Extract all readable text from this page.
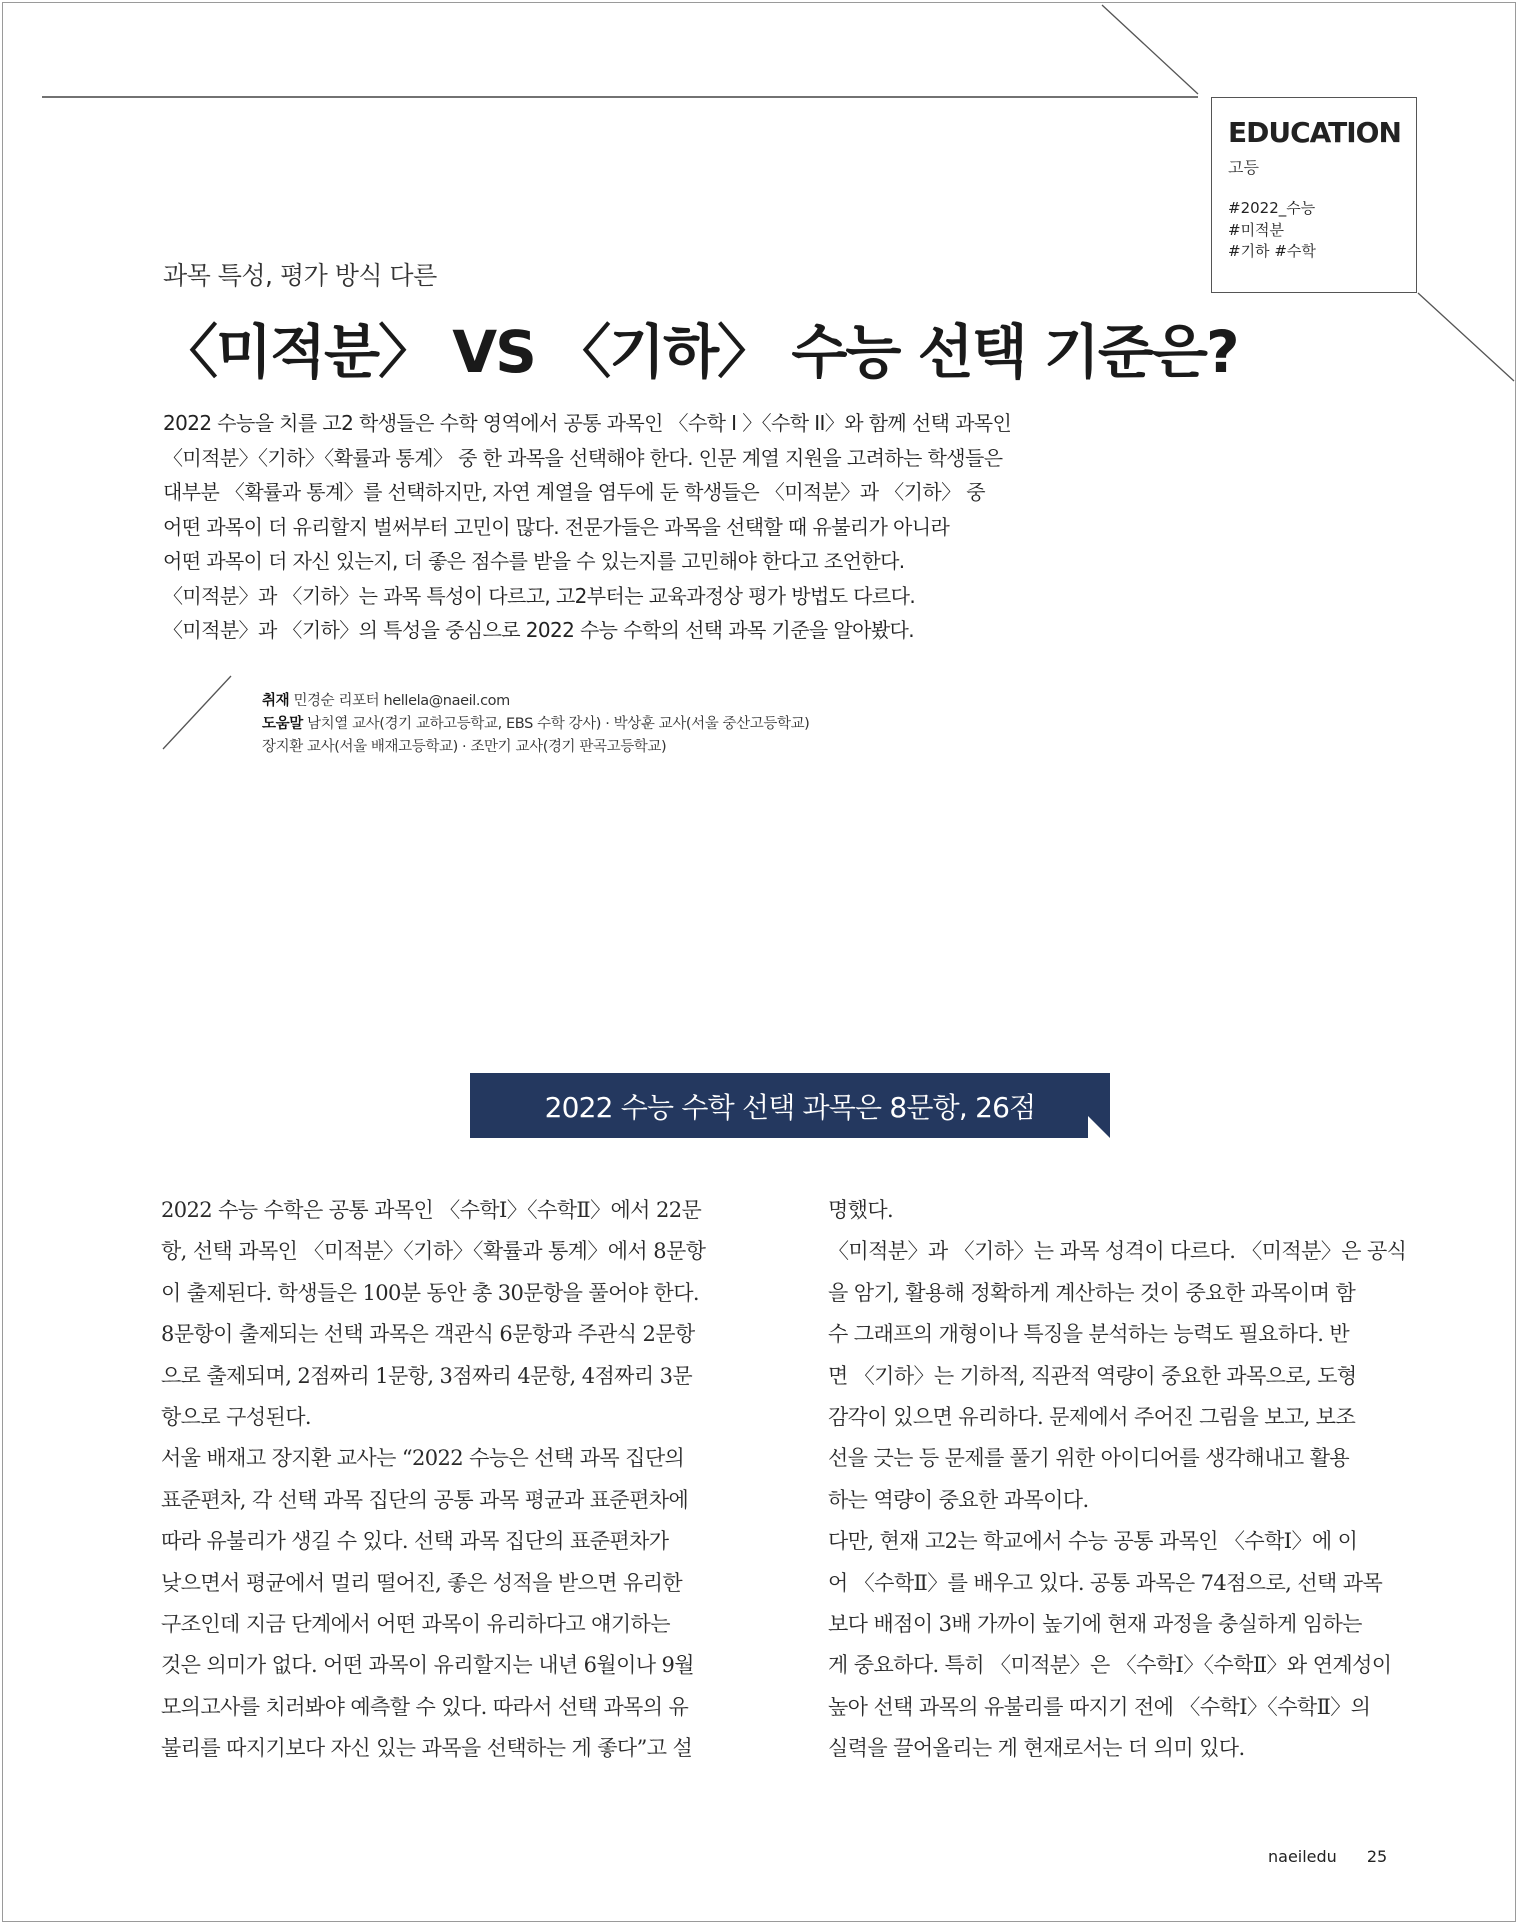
EDUCATION
고등
#2022_수능
#미적분
#기하 #수학
과목 특성, 평가 방식 다른
〈미적분〉 VS 〈기하〉 수능 선택 기준은?

2022 수능을 치를 고2 학생들은 수학 영역에서 공통 과목인 〈수학 I 〉〈수학 II〉와 함께 선택 과목인

〈미적분〉〈기하〉〈확률과 통계〉 중 한 과목을 선택해야 한다. 인문 계열 지원을 고려하는 학생들은

대부분 〈확률과 통계〉를 선택하지만, 자연 계열을 염두에 둔 학생들은 〈미적분〉과 〈기하〉 중

어떤 과목이 더 유리할지 벌써부터 고민이 많다. 전문가들은 과목을 선택할 때 유불리가 아니라

어떤 과목이 더 자신 있는지, 더 좋은 점수를 받을 수 있는지를 고민해야 한다고 조언한다.

〈미적분〉과 〈기하〉는 과목 특성이 다르고, 고2부터는 교육과정상 평가 방법도 다르다.

〈미적분〉과 〈기하〉의 특성을 중심으로 2022 수능 수학의 선택 과목 기준을 알아봤다.

취재 민경순 리포터 hellela@naeil.com

도움말 남치열 교사(경기 교하고등학교, EBS 수학 강사) · 박상훈 교사(서울 중산고등학교)

장지환 교사(서울 배재고등학교) · 조만기 교사(경기 판곡고등학교)

2022 수능 수학 선택 과목은 8문항, 26점

2022 수능 수학은 공통 과목인 〈수학Ⅰ〉〈수학Ⅱ〉에서 22문

항, 선택 과목인 〈미적분〉〈기하〉〈확률과 통계〉에서 8문항

이 출제된다. 학생들은 100분 동안 총 30문항을 풀어야 한다.

8문항이 출제되는 선택 과목은 객관식 6문항과 주관식 2문항

으로 출제되며, 2점짜리 1문항, 3점짜리 4문항, 4점짜리 3문

항으로 구성된다.

서울 배재고 장지환 교사는 “2022 수능은 선택 과목 집단의

표준편차, 각 선택 과목 집단의 공통 과목 평균과 표준편차에

따라 유불리가 생길 수 있다. 선택 과목 집단의 표준편차가

낮으면서 평균에서 멀리 떨어진, 좋은 성적을 받으면 유리한

구조인데 지금 단계에서 어떤 과목이 유리하다고 얘기하는

것은 의미가 없다. 어떤 과목이 유리할지는 내년 6월이나 9월

모의고사를 치러봐야 예측할 수 있다. 따라서 선택 과목의 유

불리를 따지기보다 자신 있는 과목을 선택하는 게 좋다”고 설

명했다.

〈미적분〉과 〈기하〉는 과목 성격이 다르다. 〈미적분〉은 공식

을 암기, 활용해 정확하게 계산하는 것이 중요한 과목이며 함

수 그래프의 개형이나 특징을 분석하는 능력도 필요하다. 반

면 〈기하〉는 기하적, 직관적 역량이 중요한 과목으로, 도형

감각이 있으면 유리하다. 문제에서 주어진 그림을 보고, 보조

선을 긋는 등 문제를 풀기 위한 아이디어를 생각해내고 활용

하는 역량이 중요한 과목이다.

다만, 현재 고2는 학교에서 수능 공통 과목인 〈수학Ⅰ〉에 이

어 〈수학Ⅱ〉를 배우고 있다. 공통 과목은 74점으로, 선택 과목

보다 배점이 3배 가까이 높기에 현재 과정을 충실하게 임하는

게 중요하다. 특히 〈미적분〉은 〈수학Ⅰ〉〈수학Ⅱ〉와 연계성이

높아 선택 과목의 유불리를 따지기 전에 〈수학Ⅰ〉〈수학Ⅱ〉의

실력을 끌어올리는 게 현재로서는 더 의미 있다.

naeiledu 25
